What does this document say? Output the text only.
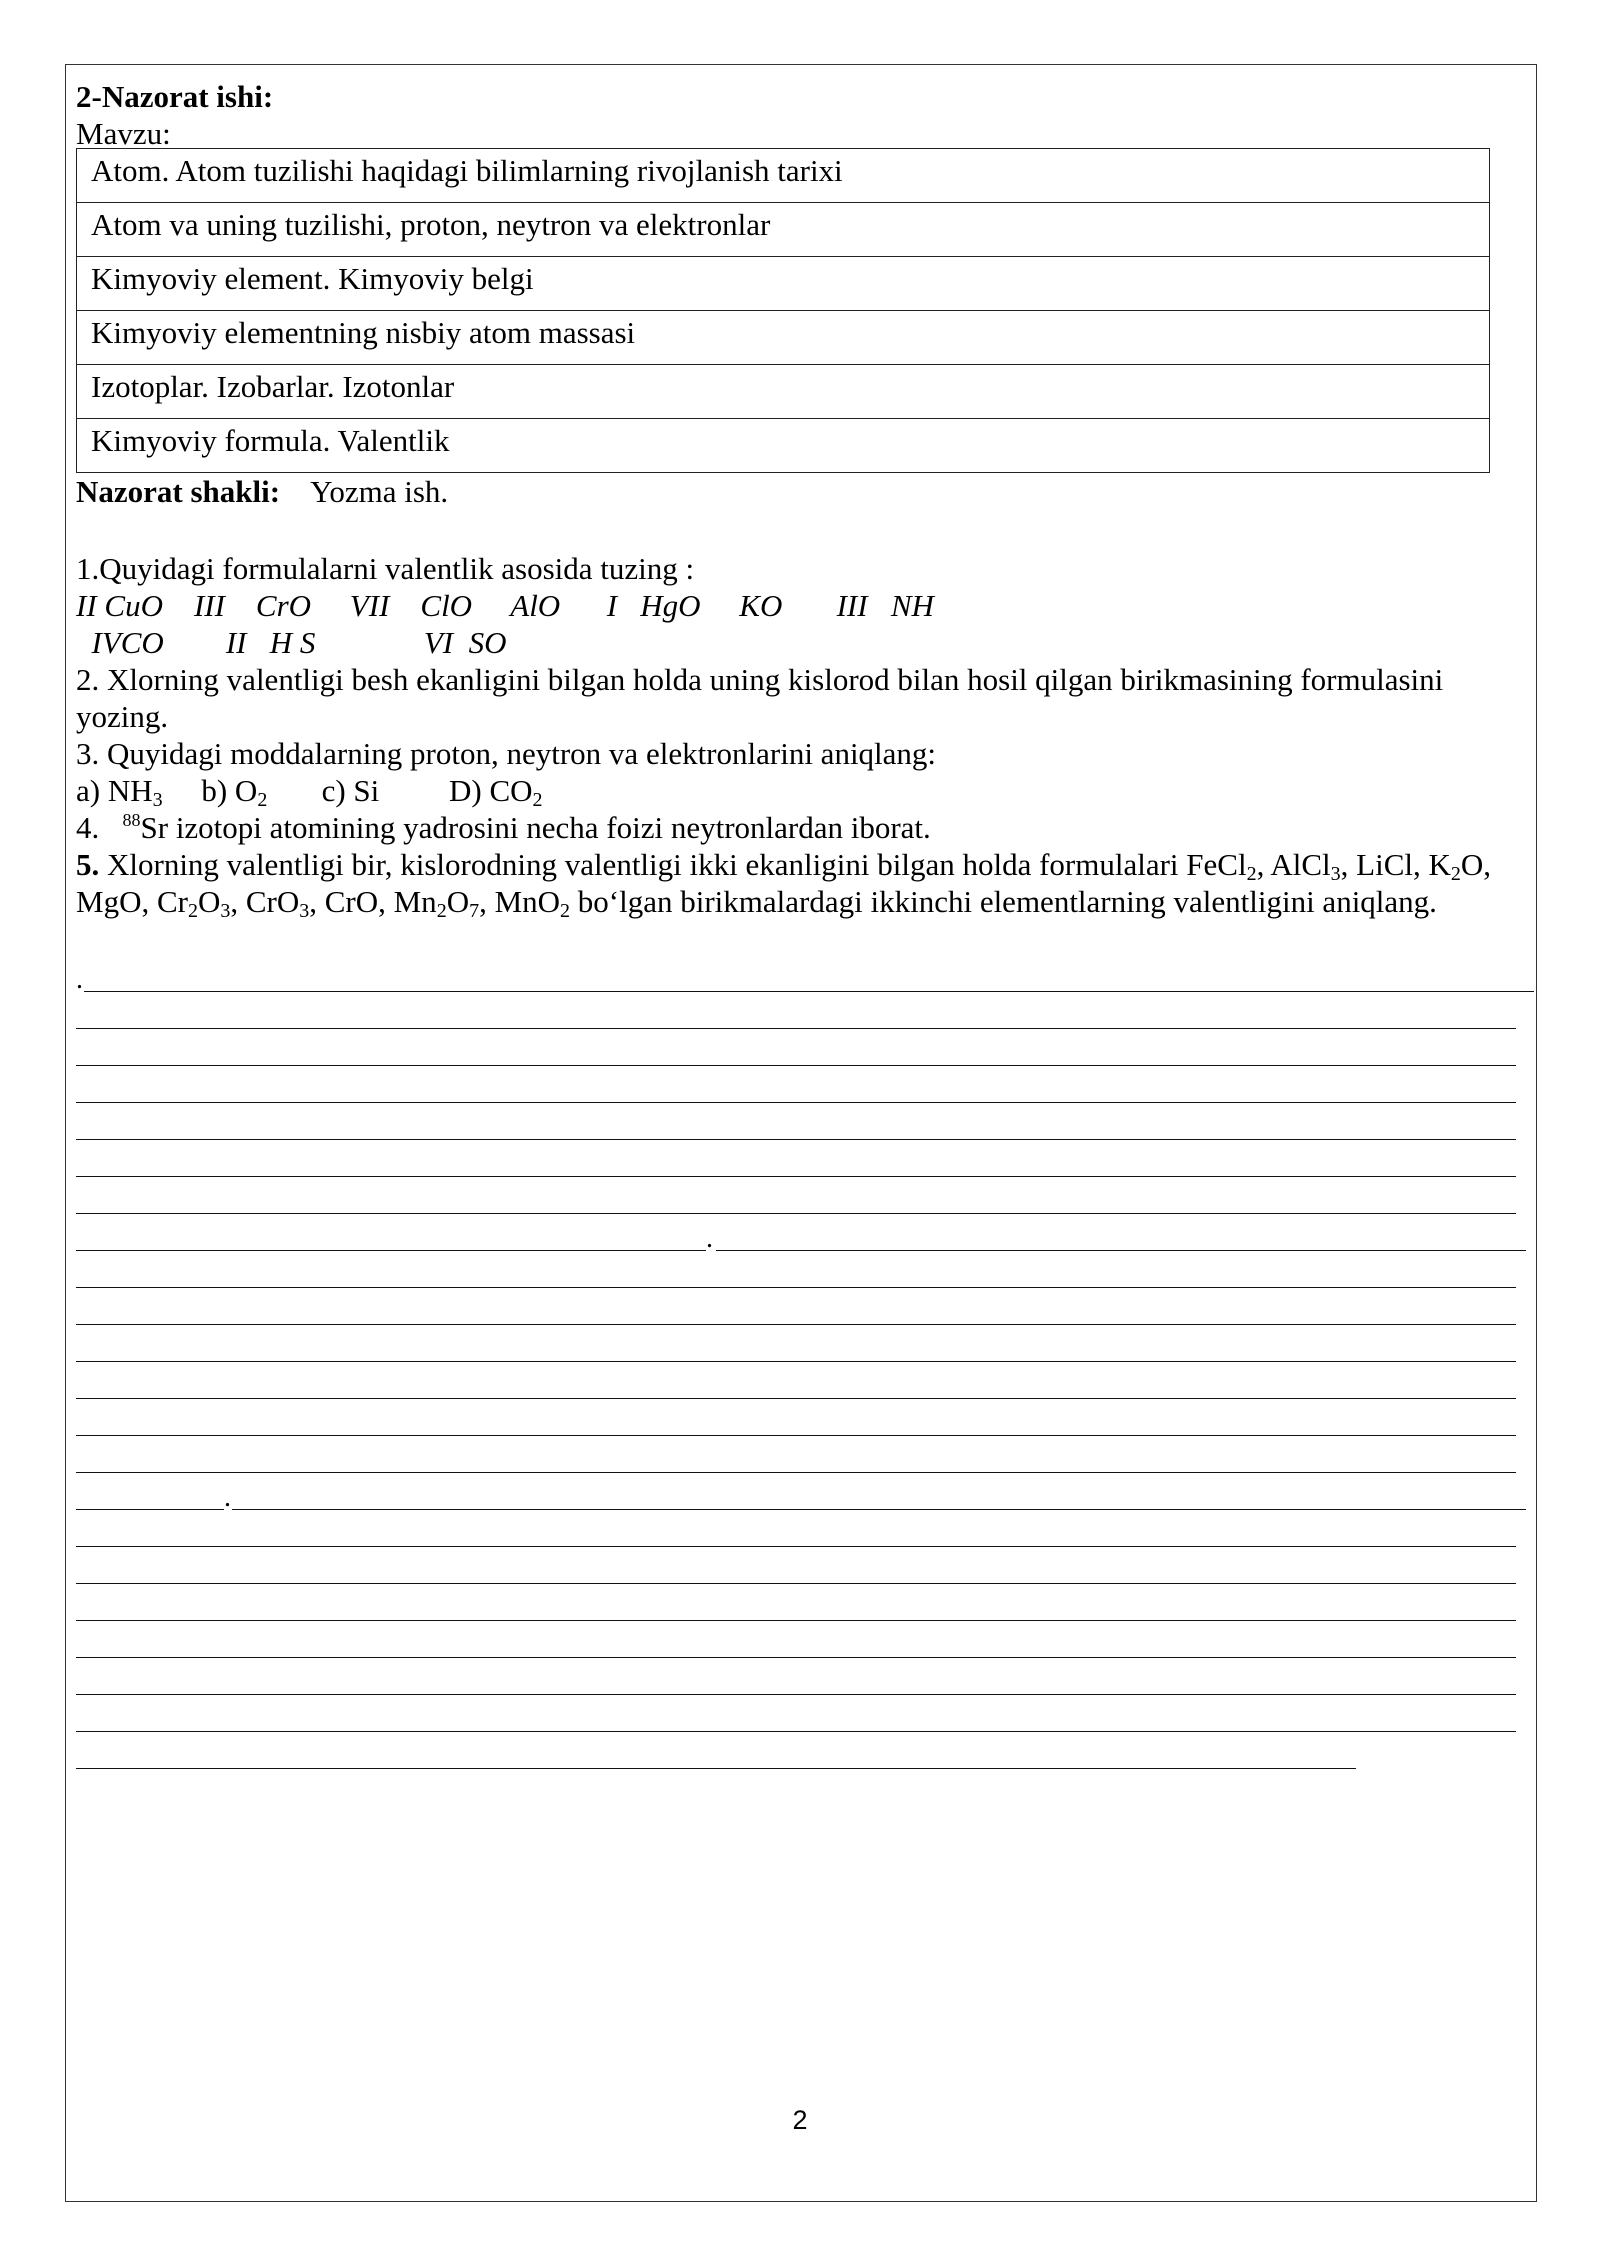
2-Nazorat ishi:
Mavzu:
Atom. Atom tuzilishi haqidagi bilimlarning rivojlanish tarixi
Atom va uning tuzilishi, proton, neytron va elektronlar
Kimyoviy element. Kimyoviy belgi
Kimyoviy elementning nisbiy atom massasi
Izotoplar. Izobarlar. Izotonlar
Kimyoviy formula. Valentlik
Nazorat shakli: Yozma ish.
1.Quyidagi formulalarni valentlik asosida tuzing :
II CuO    III    CrO     VII    ClO     AlO      I   HgO     KO       III   NH
IVCO        II   H S              VI  SO
2. Xlorning valentligi besh ekanligini bilgan holda uning kislorod bilan hosil qilgan birikmasining formulasini yozing.
3. Quyidagi moddalarning proton, neytron va elektronlarini aniqlang:
a) $NH_3$ b) $O_2$ c) Si D) $CO_2$
4. $^{88}$Sr izotopi atomining yadrosini necha foizi neytronlardan iborat.
5. Xlorning valentligi bir, kislorodning valentligi ikki ekanligini bilgan holda formulalari FeCl$_2$, AlCl$_3$, LiCl, $K_2O$, MgO, $Cr_2O_3$, CrO$_3$, CrO, $Mn_2O_7$, MnO$_2$ bo‘lgan birikmalardagi ikkinchi elementlarning valentligini aniqlang.
.
.
.
2
